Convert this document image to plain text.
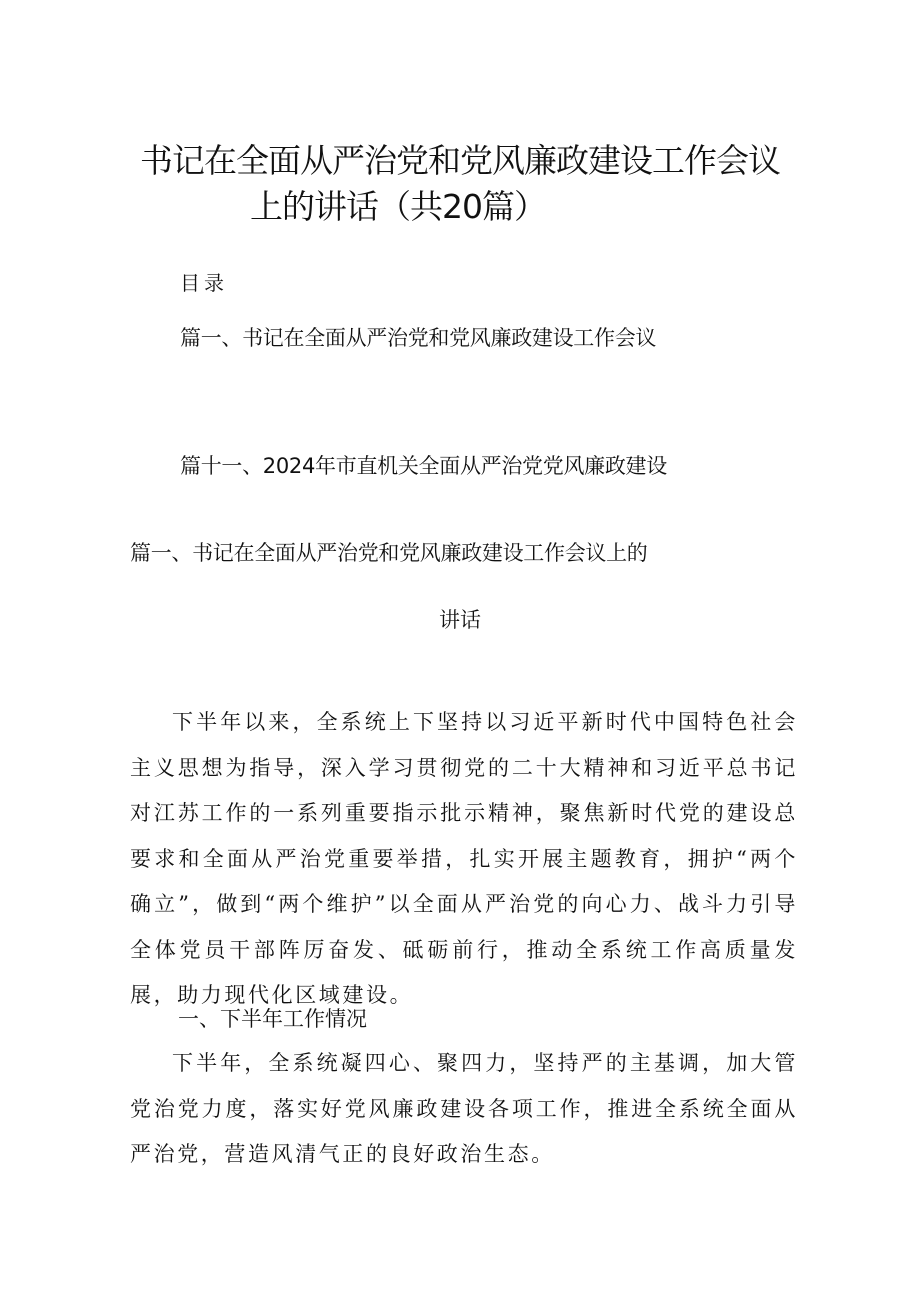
书记在全面从严治党和党风廉政建设工作会议
上的讲话（共20篇）
目录
篇一、书记在全面从严治党和党风廉政建设工作会议
篇十一、2024年市直机关全面从严治党党风廉政建设
篇一、书记在全面从严治党和党风廉政建设工作会议上的
讲话

下半年以来，全系统上下坚持以习近平新时代中国特色社会主义思想为指导，深入学习贯彻党的二十大精神和习近平总书记对江苏工作的一系列重要指示批示精神，聚焦新时代党的建设总要求和全面从严治党重要举措，扎实开展主题教育，拥护“两个确立”，做到“两个维护”以全面从严治党的向心力、战斗力引导全体党员干部阵厉奋发、砥砺前行，推动全系统工作高质量发展，助力现代化区域建设。

一、下半年工作情况

下半年，全系统凝四心、聚四力，坚持严的主基调，加大管党治党力度，落实好党风廉政建设各项工作，推进全系统全面从严治党，营造风清气正的良好政治生态。
